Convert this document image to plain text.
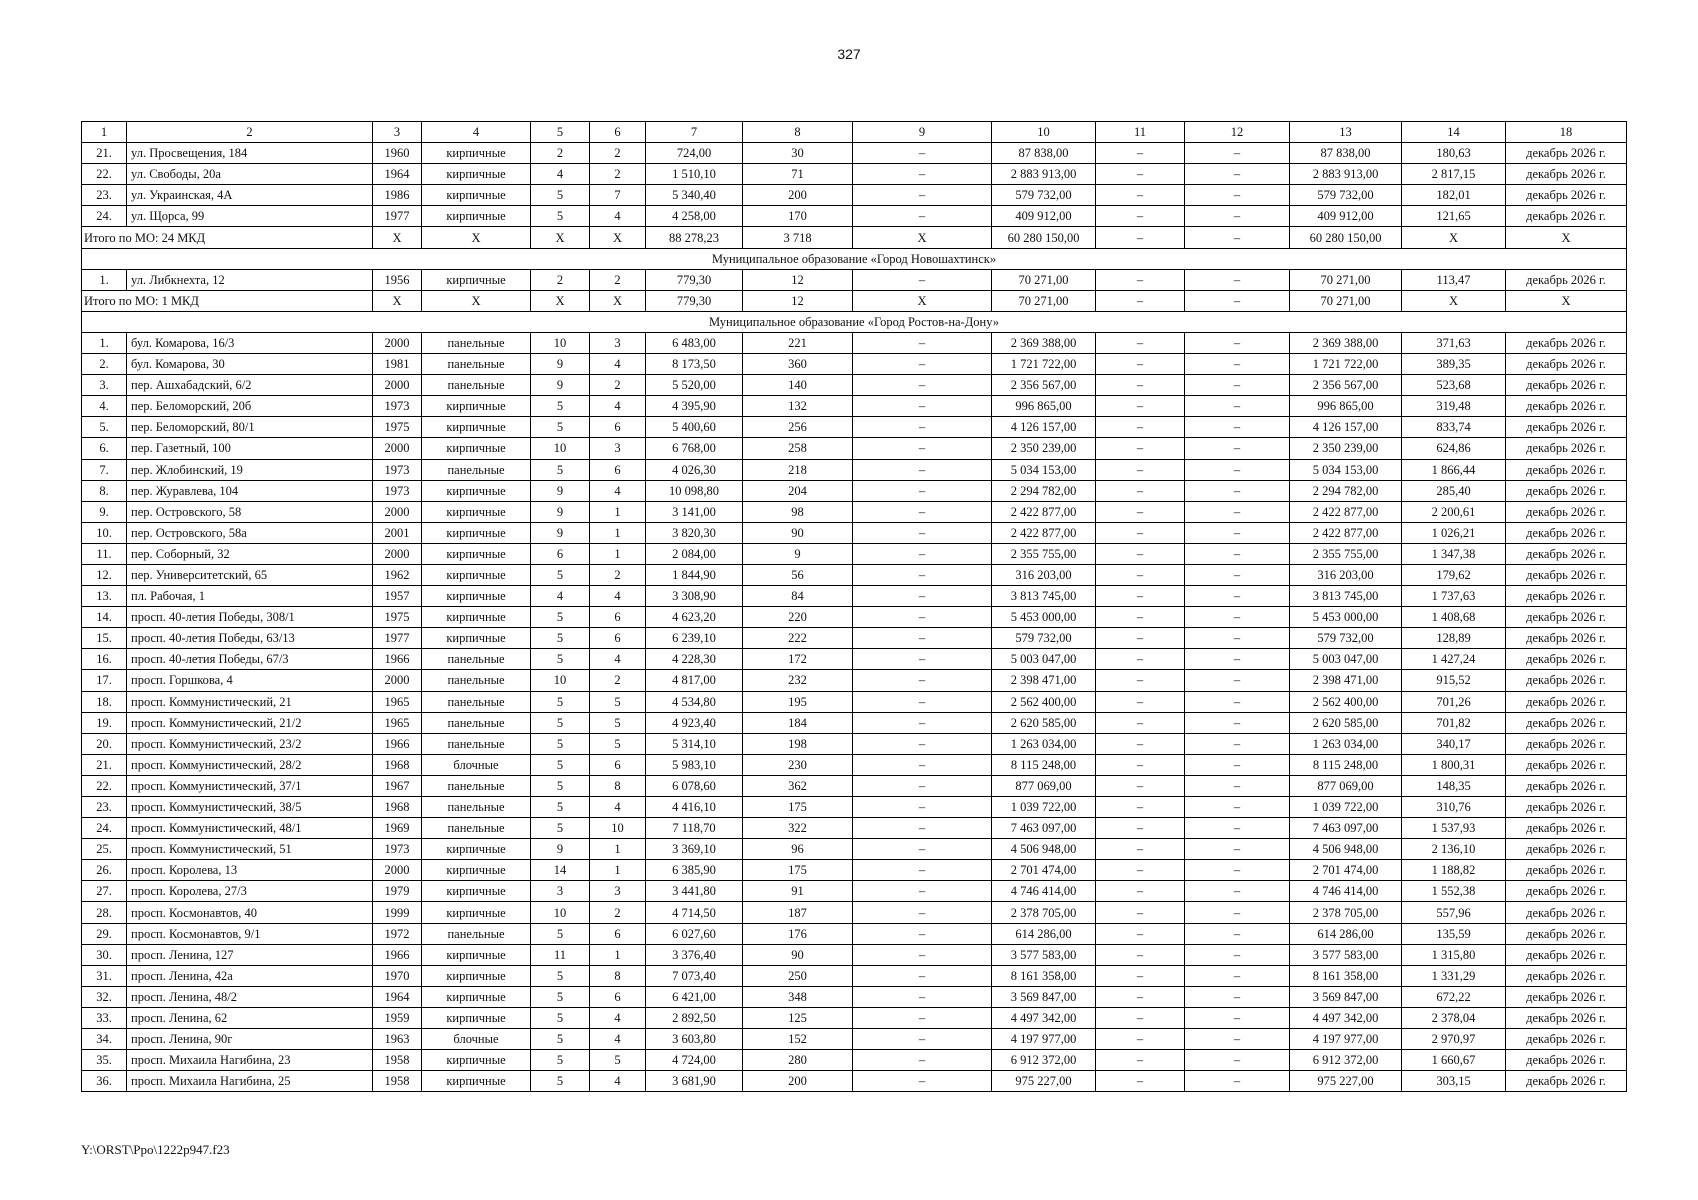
327
1	2	3	4	5	6	7	8	9	10	11	12	13	14	18
21.	ул. Просвещения, 184	1960	кирпичные	2	2	724,00	30	–	87 838,00	–	–	87 838,00	180,63	декабрь 2026 г.
22.	ул. Свободы, 20а	1964	кирпичные	4	2	1 510,10	71	–	2 883 913,00	–	–	2 883 913,00	2 817,15	декабрь 2026 г.
23.	ул. Украинская, 4А	1986	кирпичные	5	7	5 340,40	200	–	579 732,00	–	–	579 732,00	182,01	декабрь 2026 г.
24.	ул. Щорса, 99	1977	кирпичные	5	4	4 258,00	170	–	409 912,00	–	–	409 912,00	121,65	декабрь 2026 г.
Итого по МО: 24 МКД		X	X	X	X	88 278,23	3 718	X	60 280 150,00	–	–	60 280 150,00	X	X
Муниципальное образование «Город Новошахтинск»														
1.	ул. Либкнехта, 12	1956	кирпичные	2	2	779,30	12	–	70 271,00	–	–	70 271,00	113,47	декабрь 2026 г.
Итого по МО: 1 МКД		X	X	X	X	779,30	12	X	70 271,00	–	–	70 271,00	X	X
Муниципальное образование «Город Ростов-на-Дону»														
1.	бул. Комарова, 16/3	2000	панельные	10	3	6 483,00	221	–	2 369 388,00	–	–	2 369 388,00	371,63	декабрь 2026 г.
2.	бул. Комарова, 30	1981	панельные	9	4	8 173,50	360	–	1 721 722,00	–	–	1 721 722,00	389,35	декабрь 2026 г.
3.	пер. Ашхабадский, 6/2	2000	панельные	9	2	5 520,00	140	–	2 356 567,00	–	–	2 356 567,00	523,68	декабрь 2026 г.
4.	пер. Беломорский, 20б	1973	кирпичные	5	4	4 395,90	132	–	996 865,00	–	–	996 865,00	319,48	декабрь 2026 г.
5.	пер. Беломорский, 80/1	1975	кирпичные	5	6	5 400,60	256	–	4 126 157,00	–	–	4 126 157,00	833,74	декабрь 2026 г.
6.	пер. Газетный, 100	2000	кирпичные	10	3	6 768,00	258	–	2 350 239,00	–	–	2 350 239,00	624,86	декабрь 2026 г.
7.	пер. Жлобинский, 19	1973	панельные	5	6	4 026,30	218	–	5 034 153,00	–	–	5 034 153,00	1 866,44	декабрь 2026 г.
8.	пер. Журавлева, 104	1973	кирпичные	9	4	10 098,80	204	–	2 294 782,00	–	–	2 294 782,00	285,40	декабрь 2026 г.
9.	пер. Островского, 58	2000	кирпичные	9	1	3 141,00	98	–	2 422 877,00	–	–	2 422 877,00	2 200,61	декабрь 2026 г.
10.	пер. Островского, 58а	2001	кирпичные	9	1	3 820,30	90	–	2 422 877,00	–	–	2 422 877,00	1 026,21	декабрь 2026 г.
11.	пер. Соборный, 32	2000	кирпичные	6	1	2 084,00	9	–	2 355 755,00	–	–	2 355 755,00	1 347,38	декабрь 2026 г.
12.	пер. Университетский, 65	1962	кирпичные	5	2	1 844,90	56	–	316 203,00	–	–	316 203,00	179,62	декабрь 2026 г.
13.	пл. Рабочая, 1	1957	кирпичные	4	4	3 308,90	84	–	3 813 745,00	–	–	3 813 745,00	1 737,63	декабрь 2026 г.
14.	просп. 40-летия Победы, 308/1	1975	кирпичные	5	6	4 623,20	220	–	5 453 000,00	–	–	5 453 000,00	1 408,68	декабрь 2026 г.
15.	просп. 40-летия Победы, 63/13	1977	кирпичные	5	6	6 239,10	222	–	579 732,00	–	–	579 732,00	128,89	декабрь 2026 г.
16.	просп. 40-летия Победы, 67/3	1966	панельные	5	4	4 228,30	172	–	5 003 047,00	–	–	5 003 047,00	1 427,24	декабрь 2026 г.
17.	просп. Горшкова, 4	2000	панельные	10	2	4 817,00	232	–	2 398 471,00	–	–	2 398 471,00	915,52	декабрь 2026 г.
18.	просп. Коммунистический, 21	1965	панельные	5	5	4 534,80	195	–	2 562 400,00	–	–	2 562 400,00	701,26	декабрь 2026 г.
19.	просп. Коммунистический, 21/2	1965	панельные	5	5	4 923,40	184	–	2 620 585,00	–	–	2 620 585,00	701,82	декабрь 2026 г.
20.	просп. Коммунистический, 23/2	1966	панельные	5	5	5 314,10	198	–	1 263 034,00	–	–	1 263 034,00	340,17	декабрь 2026 г.
21.	просп. Коммунистический, 28/2	1968	блочные	5	6	5 983,10	230	–	8 115 248,00	–	–	8 115 248,00	1 800,31	декабрь 2026 г.
22.	просп. Коммунистический, 37/1	1967	панельные	5	8	6 078,60	362	–	877 069,00	–	–	877 069,00	148,35	декабрь 2026 г.
23.	просп. Коммунистический, 38/5	1968	панельные	5	4	4 416,10	175	–	1 039 722,00	–	–	1 039 722,00	310,76	декабрь 2026 г.
24.	просп. Коммунистический, 48/1	1969	панельные	5	10	7 118,70	322	–	7 463 097,00	–	–	7 463 097,00	1 537,93	декабрь 2026 г.
25.	просп. Коммунистический, 51	1973	кирпичные	9	1	3 369,10	96	–	4 506 948,00	–	–	4 506 948,00	2 136,10	декабрь 2026 г.
26.	просп. Королева, 13	2000	кирпичные	14	1	6 385,90	175	–	2 701 474,00	–	–	2 701 474,00	1 188,82	декабрь 2026 г.
27.	просп. Королева, 27/3	1979	кирпичные	3	3	3 441,80	91	–	4 746 414,00	–	–	4 746 414,00	1 552,38	декабрь 2026 г.
28.	просп. Космонавтов, 40	1999	кирпичные	10	2	4 714,50	187	–	2 378 705,00	–	–	2 378 705,00	557,96	декабрь 2026 г.
29.	просп. Космонавтов, 9/1	1972	панельные	5	6	6 027,60	176	–	614 286,00	–	–	614 286,00	135,59	декабрь 2026 г.
30.	просп. Ленина, 127	1966	кирпичные	11	1	3 376,40	90	–	3 577 583,00	–	–	3 577 583,00	1 315,80	декабрь 2026 г.
31.	просп. Ленина, 42а	1970	кирпичные	5	8	7 073,40	250	–	8 161 358,00	–	–	8 161 358,00	1 331,29	декабрь 2026 г.
32.	просп. Ленина, 48/2	1964	кирпичные	5	6	6 421,00	348	–	3 569 847,00	–	–	3 569 847,00	672,22	декабрь 2026 г.
33.	просп. Ленина, 62	1959	кирпичные	5	4	2 892,50	125	–	4 497 342,00	–	–	4 497 342,00	2 378,04	декабрь 2026 г.
34.	просп. Ленина, 90г	1963	блочные	5	4	3 603,80	152	–	4 197 977,00	–	–	4 197 977,00	2 970,97	декабрь 2026 г.
35.	просп. Михаила Нагибина, 23	1958	кирпичные	5	5	4 724,00	280	–	6 912 372,00	–	–	6 912 372,00	1 660,67	декабрь 2026 г.
36.	просп. Михаила Нагибина, 25	1958	кирпичные	5	4	3 681,90	200	–	975 227,00	–	–	975 227,00	303,15	декабрь 2026 г.
Y:\ORST\Ppo\1222p947.f23
